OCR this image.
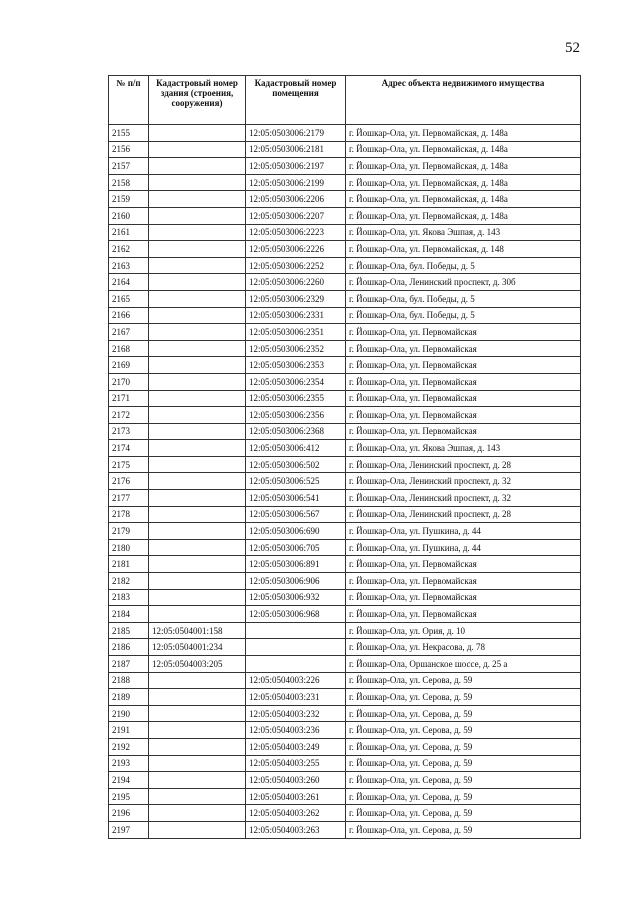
52
№ п/п	Кадастровый номер здания (строения, сооружения)	Кадастровый номер помещения	Адрес объекта недвижимого имущества
2155		12:05:0503006:2179	г. Йошкар-Ола, ул. Первомайская, д. 148а
2156		12:05:0503006:2181	г. Йошкар-Ола, ул. Первомайская, д. 148а
2157		12:05:0503006:2197	г. Йошкар-Ола, ул. Первомайская, д. 148а
2158		12:05:0503006:2199	г. Йошкар-Ола, ул. Первомайская, д. 148а
2159		12:05:0503006:2206	г. Йошкар-Ола, ул. Первомайская, д. 148а
2160		12:05:0503006:2207	г. Йошкар-Ола, ул. Первомайская, д. 148а
2161		12:05:0503006:2223	г. Йошкар-Ола, ул. Якова Эшпая, д. 143
2162		12:05:0503006:2226	г. Йошкар-Ола, ул. Первомайская, д. 148
2163		12:05:0503006:2252	г. Йошкар-Ола, бул. Победы, д. 5
2164		12:05:0503006:2260	г. Йошкар-Ола, Ленинский проспект, д. 30б
2165		12:05:0503006:2329	г. Йошкар-Ола, бул. Победы, д. 5
2166		12:05:0503006:2331	г. Йошкар-Ола, бул. Победы, д. 5
2167		12:05:0503006:2351	г. Йошкар-Ола, ул. Первомайская
2168		12:05:0503006:2352	г. Йошкар-Ола, ул. Первомайская
2169		12:05:0503006:2353	г. Йошкар-Ола, ул. Первомайская
2170		12:05:0503006:2354	г. Йошкар-Ола, ул. Первомайская
2171		12:05:0503006:2355	г. Йошкар-Ола, ул. Первомайская
2172		12:05:0503006:2356	г. Йошкар-Ола, ул. Первомайская
2173		12:05:0503006:2368	г. Йошкар-Ола, ул. Первомайская
2174		12:05:0503006:412	г. Йошкар-Ола, ул. Якова Эшпая, д. 143
2175		12:05:0503006:502	г. Йошкар-Ола, Ленинский проспект, д. 28
2176		12:05:0503006:525	г. Йошкар-Ола, Ленинский проспект, д. 32
2177		12:05:0503006:541	г. Йошкар-Ола, Ленинский проспект, д. 32
2178		12:05:0503006:567	г. Йошкар-Ола, Ленинский проспект, д. 28
2179		12:05:0503006:690	г. Йошкар-Ола, ул. Пушкина, д. 44
2180		12:05:0503006:705	г. Йошкар-Ола, ул. Пушкина, д. 44
2181		12:05:0503006:891	г. Йошкар-Ола, ул. Первомайская
2182		12:05:0503006:906	г. Йошкар-Ола, ул. Первомайская
2183		12:05:0503006:932	г. Йошкар-Ола, ул. Первомайская
2184		12:05:0503006:968	г. Йошкар-Ола, ул. Первомайская
2185	12:05:0504001:158		г. Йошкар-Ола, ул. Ория, д. 10
2186	12:05:0504001:234		г. Йошкар-Ола, ул. Некрасова, д. 78
2187	12:05:0504003:205		г. Йошкар-Ола, Оршанское шоссе, д. 25 а
2188		12:05:0504003:226	г. Йошкар-Ола, ул. Серова, д. 59
2189		12:05:0504003:231	г. Йошкар-Ола, ул. Серова, д. 59
2190		12:05:0504003:232	г. Йошкар-Ола, ул. Серова, д. 59
2191		12:05:0504003:236	г. Йошкар-Ола, ул. Серова, д. 59
2192		12:05:0504003:249	г. Йошкар-Ола, ул. Серова, д. 59
2193		12:05:0504003:255	г. Йошкар-Ола, ул. Серова, д. 59
2194		12:05:0504003:260	г. Йошкар-Ола, ул. Серова, д. 59
2195		12:05:0504003:261	г. Йошкар-Ола, ул. Серова, д. 59
2196		12:05:0504003:262	г. Йошкар-Ола, ул. Серова, д. 59
2197		12:05:0504003:263	г. Йошкар-Ола, ул. Серова, д. 59
